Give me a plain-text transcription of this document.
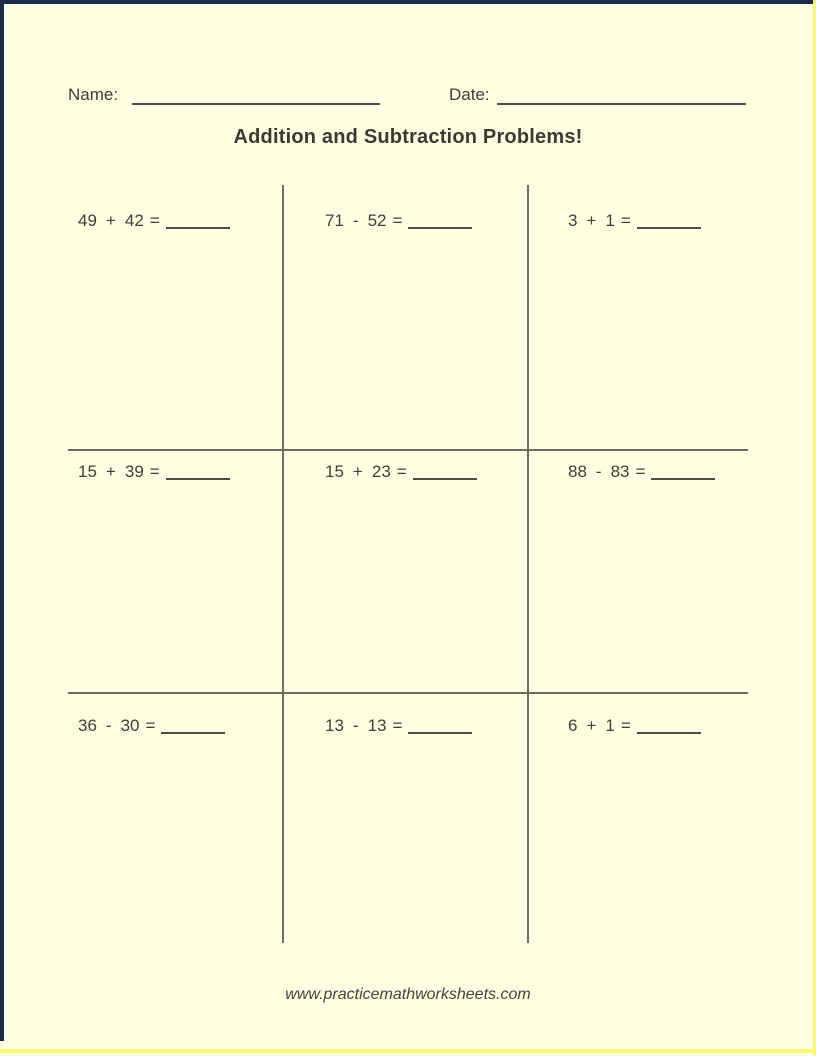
Name:	Date:
Addition and Subtraction Problems!
49 + 42 =	71 - 52 =	3 + 1 =
15 + 39 =	15 + 23 =	88 - 83 =
36 - 30 =	13 - 13 =	6 + 1 =
www.practicemathworksheets.com
